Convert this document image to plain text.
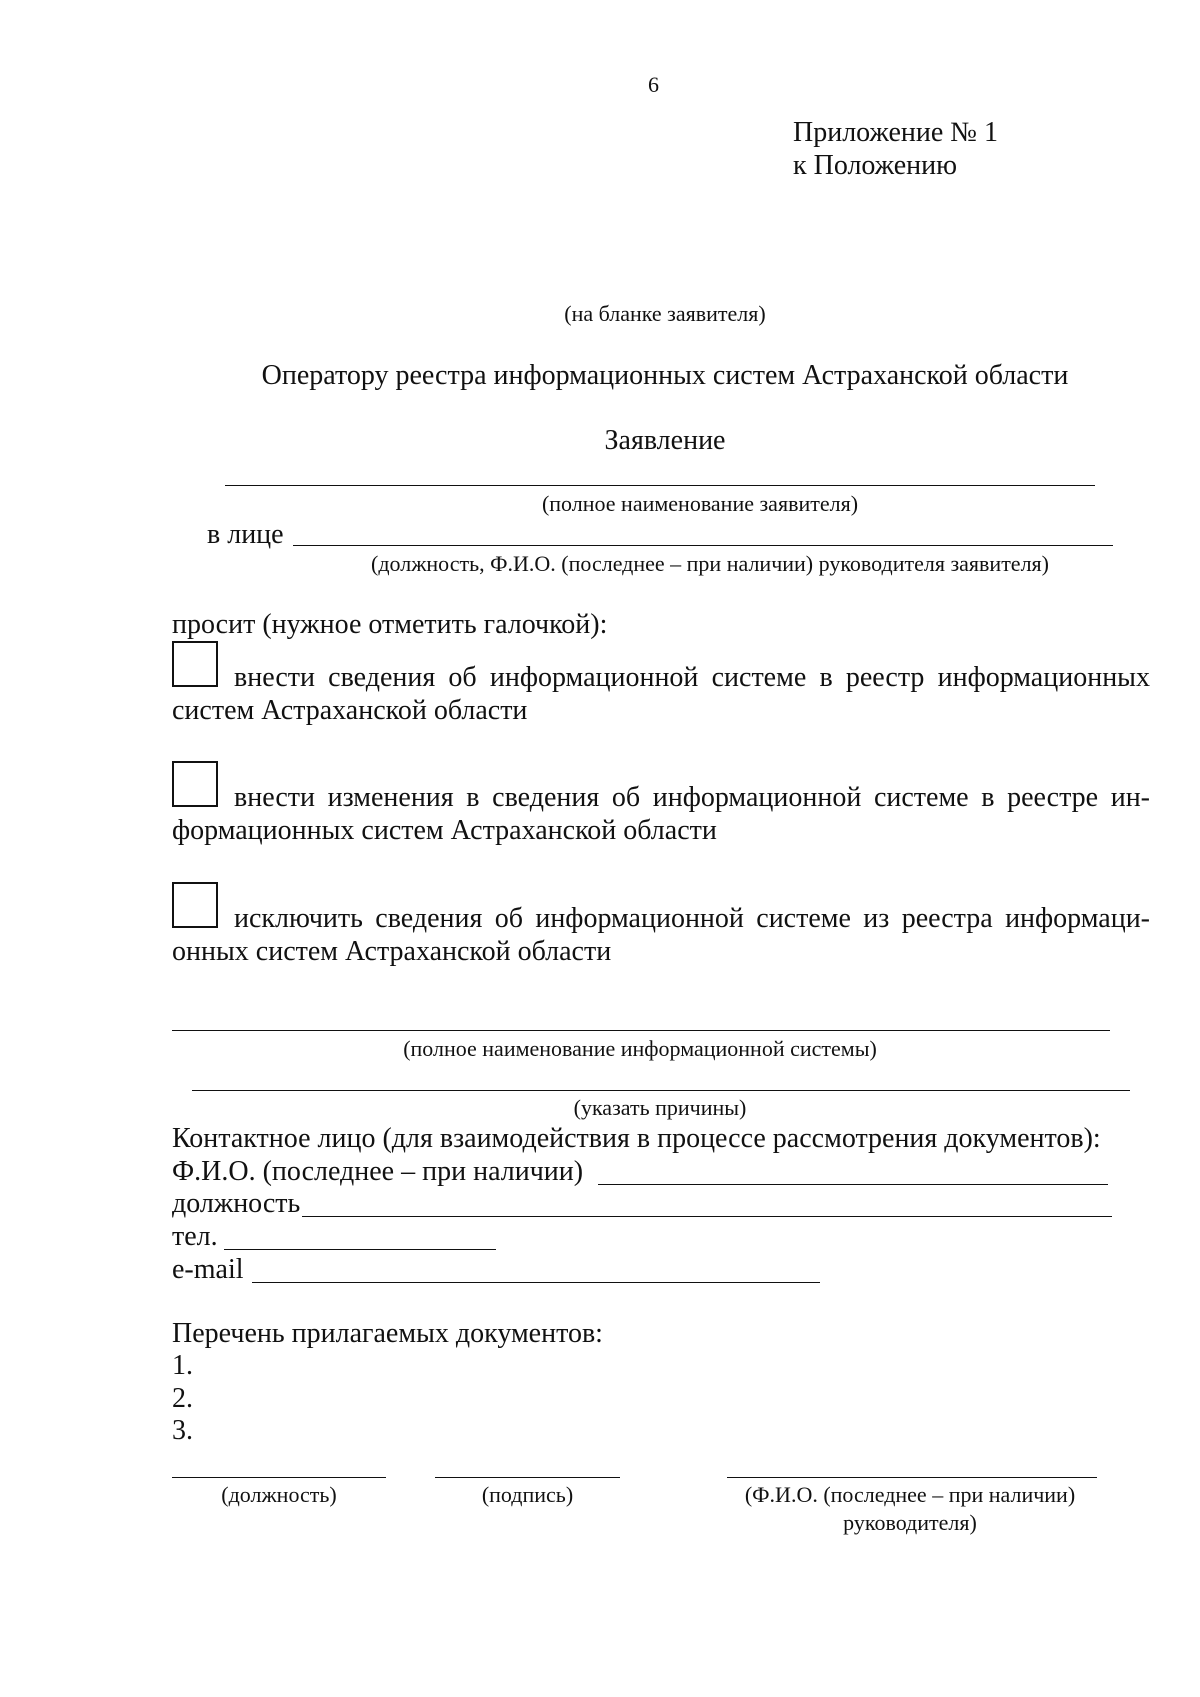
6
Приложение № 1
к Положению
(на бланке заявителя)
Оператору реестра информационных систем Астраханской области
Заявление
(полное наименование заявителя)
в лице
(должность, Ф.И.О. (последнее – при наличии) руководителя заявителя)
просит (нужное отметить галочкой):
внести сведения об информационной системе в реестр информационных
систем Астраханской области
внести изменения в сведения об информационной системе в реестре ин-
формационных систем Астраханской области
исключить сведения об информационной системе из реестра информаци-
онных систем Астраханской области
(полное наименование информационной системы)
(указать причины)
Контактное лицо (для взаимодействия в процессе рассмотрения документов):
Ф.И.О. (последнее – при наличии)
должность
тел.
e-mail
Перечень прилагаемых документов:
1.
2.
3.
(должность)	(подпись)	(Ф.И.О. (последнее – при наличии)
руководителя)
